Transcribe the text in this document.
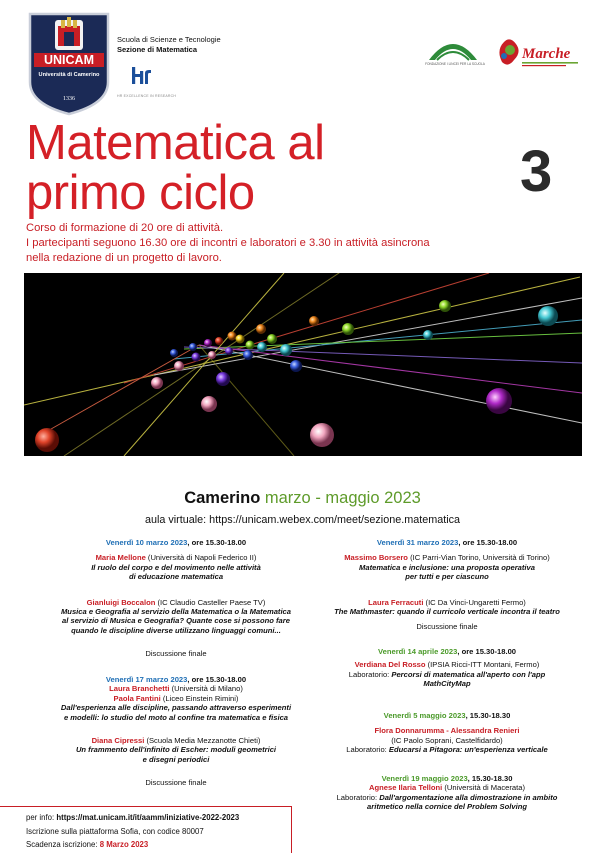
UNICAM
Università di Camerino
1336
Scuola di Scienze e Tecnologie
Sezione di Matematica
HR EXCELLENCE IN RESEARCH
FONDAZIONE I LINCEI PER LA SCUOLA
Marche
Matematica al
primo ciclo	3
Corso di formazione di 20 ore di attività.
I partecipanti seguono 16.30 ore di incontri e laboratori e 3.30 in attività asincrona
nella redazione di un progetto di lavoro.
Camerino marzo - maggio 2023
aula virtuale: https://unicam.webex.com/meet/sezione.matematica
Venerdì 10 marzo 2023, ore 15.30-18.00
Maria Mellone (Università di Napoli Federico II)
Il ruolo del corpo e del movimento nelle attività
di educazione matematica
Gianluigi Boccalon (IC Claudio Casteller Paese TV)
Musica e Geografia al servizio della Matematica o la Matematica
al servizio di Musica e Geografia? Quante cose si possono fare
quando le discipline diverse utilizzano linguaggi comuni...
Discussione finale
Venerdì 17 marzo 2023, ore 15.30-18.00
Laura Branchetti (Università di Milano)
Paola Fantini (Liceo Einstein Rimini)
Dall'esperienza alle discipline, passando attraverso esperimenti
e modelli: lo studio del moto al confine tra matematica e fisica
Diana Cipressi (Scuola Media Mezzanotte Chieti)
Un frammento dell'infinito di Escher: moduli geometrici
e disegni periodici
Discussione finale
Venerdì 31 marzo 2023, ore 15.30-18.00
Massimo Borsero (IC Parri-Vian Torino, Università di Torino)
Matematica e inclusione: una proposta operativa
per tutti e per ciascuno
Laura Ferracuti (IC Da Vinci-Ungaretti Fermo)
The Mathmaster: quando il curricolo verticale incontra il teatro
Discussione finale
Venerdì 14 aprile 2023, ore 15.30-18.00
Verdiana Del Rosso (IPSIA Ricci-ITT Montani, Fermo)
Laboratorio: Percorsi di matematica all'aperto con l'app
MathCityMap
Venerdì 5 maggio 2023, 15.30-18.30
Flora Donnarumma - Alessandra Renieri
(IC Paolo Soprani, Castelfidardo)
Laboratorio: Educarsi a Pitagora: un'esperienza verticale
Venerdì 19 maggio 2023, 15.30-18.30
Agnese Ilaria Telloni (Università di Macerata)
Laboratorio: Dall'argomentazione alla dimostrazione in ambito
aritmetico nella cornice del Problem Solving
per info: https://mat.unicam.it/it/aamm/iniziative-2022-2023
Iscrizione sulla piattaforma Sofia, con codice 80007
Scadenza iscrizione: 8 Marzo 2023
